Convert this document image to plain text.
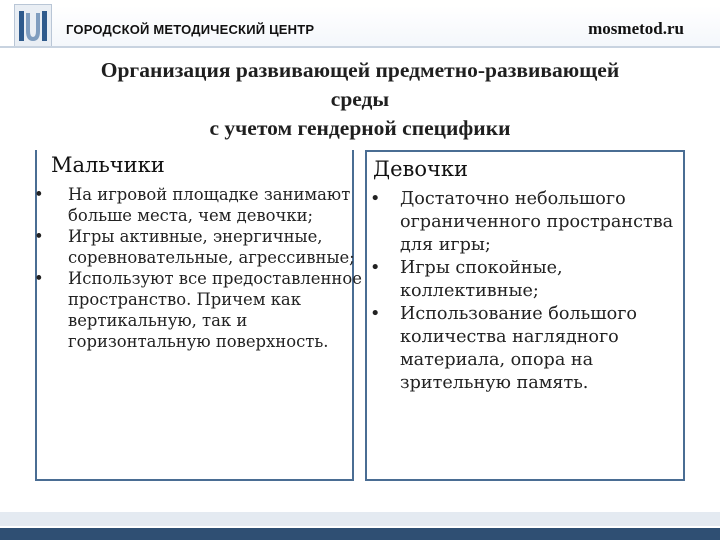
ГОРОДСКОЙ МЕТОДИЧЕСКИЙ ЦЕНТР	mosmetod.ru
Организация развивающей предметно-развивающей
среды
с учетом гендерной специфики
Мальчики	Девочки
• На игровой площадке занимают больше места, чем девочки;
• Игры активные, энергичные, соревновательные, агрессивные;
• Используют все предоставленное пространство. Причем как вертикальную, так и горизонтальную поверхность.
• Достаточно небольшого ограниченного пространства для игры;
• Игры спокойные, коллективные;
• Использование большого количества наглядного материала, опора на зрительную память.
